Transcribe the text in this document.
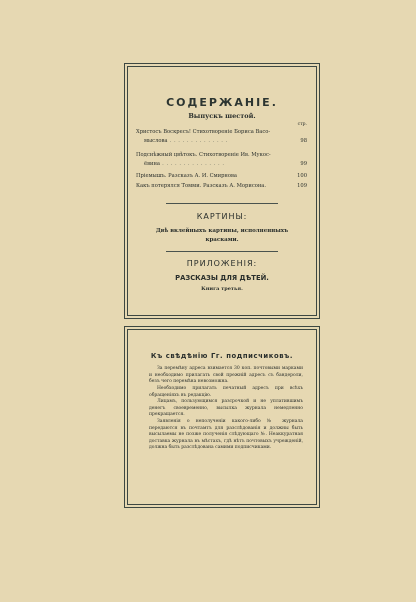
СОДЕРЖАНІЕ.
Выпускъ шестой.
стр.
Христосъ Воскресъ! Стихотвореніе Бориса Васо-
мыслова . . . . . . . . . . . . . .	98
Подснѣжный цвѣтокъ. Стихотвореніе Ив. Мукос-
ёвина . . . . . . . . . . . . . . .	99
Пріемышъ. Разсказъ А. И. Смирнова	100
Какъ потерялся Томми. Разсказъ А. Морисона.	109
КАРТИНЫ:
Двѣ вклейныхъ картины, исполненныхъ красками.
ПРИЛОЖЕНІЯ:
РАЗСКАЗЫ ДЛЯ ДѢТЕЙ.
Книга третья.
Къ свѣдѣнію Гг. подписчиковъ.
За перемѣну адреса взимается 30 коп. почтовыми марками и необходимо прилагать свой прежній адресъ съ бандероли, безъ чего перемѣна невозможна.
Необходимо прилагать печатный адресъ при всѣхъ обращеніяхъ въ редакцію.
Лицамъ, пользующимся разсрочкой и не уплатившимъ денегъ своевременно, высылка журнала немедленно прекращается.
Заявленія о неполученіи какого-либо № журнала передаются въ почтамтъ для разслѣдованія и должны быть высылаемы не позже полученія слѣдующаго №. Неаккуратная доставка журнала въ мѣстахъ, гдѣ нѣтъ почтовыхъ учрежденій, должна быть разслѣдована самими подписчиками.
